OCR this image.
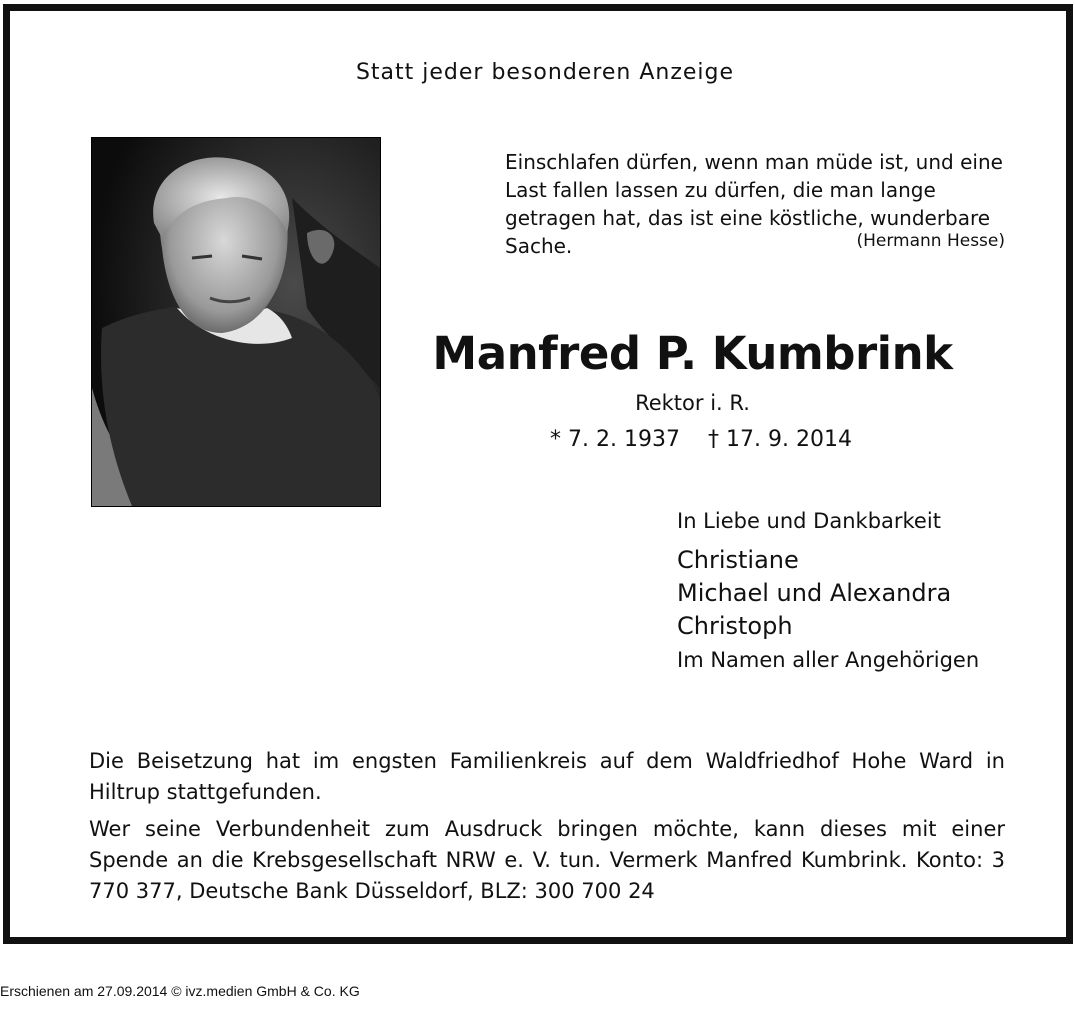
Statt jeder besonderen Anzeige
Einschlafen dürfen, wenn man müde ist, und eine Last fallen lassen zu dürfen, die man lange getragen hat, das ist eine köstliche, wunderbare Sache.	(Hermann Hesse)
Manfred P. Kumbrink
Rektor i. R.
* 7. 2. 1937 † 17. 9. 2014
In Liebe und Dankbarkeit
Christiane
Michael und Alexandra
Christoph
Im Namen aller Angehörigen
Die Beisetzung hat im engsten Familienkreis auf dem Waldfriedhof Hohe Ward in Hiltrup stattgefunden.
Wer seine Verbundenheit zum Ausdruck bringen möchte, kann dieses mit einer Spende an die Krebsgesellschaft NRW e. V. tun. Vermerk Manfred Kumbrink. Konto: 3 770 377, Deutsche Bank Düsseldorf, BLZ: 300 700 24
Erschienen am 27.09.2014 © ivz.medien GmbH & Co. KG
